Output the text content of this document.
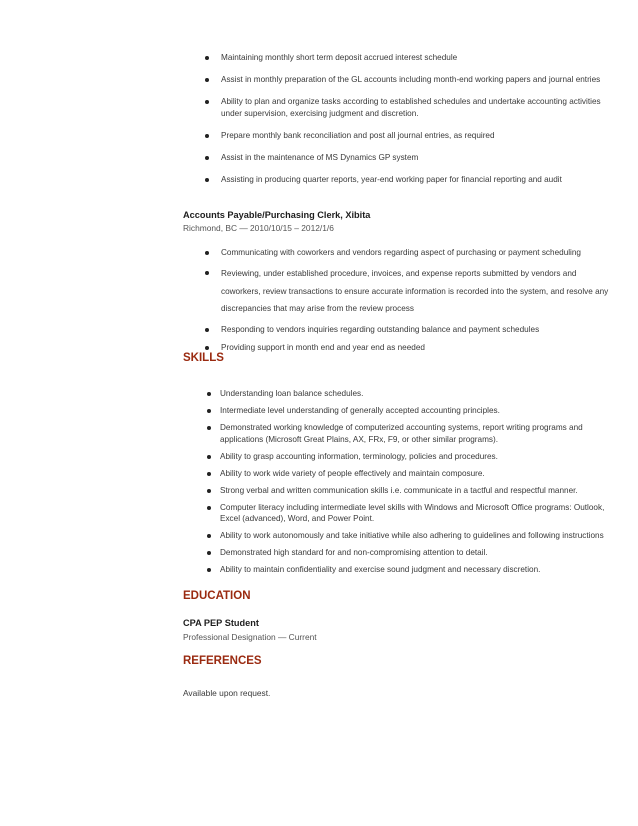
Maintaining monthly short term deposit accrued interest schedule
Assist in monthly preparation of the GL accounts including month-end working papers and journal entries
Ability to plan and organize tasks according to established schedules and undertake accounting activities under supervision, exercising judgment and discretion.
Prepare monthly bank reconciliation and post all journal entries, as required
Assist in the maintenance of MS Dynamics GP system
Assisting in producing quarter reports, year-end working paper for financial reporting and audit
Accounts Payable/Purchasing Clerk, Xibita
Richmond, BC — 2010/10/15 – 2012/1/6
Communicating with coworkers and vendors regarding aspect of purchasing or payment scheduling
Reviewing, under established procedure, invoices, and expense reports submitted by vendors and coworkers, review transactions to ensure accurate information is recorded into the system, and resolve any discrepancies that may arise from the review process
Responding to vendors inquiries regarding outstanding balance and payment schedules
Providing support in month end and year end as needed
SKILLS
Understanding loan balance schedules.
Intermediate level understanding of generally accepted accounting principles.
Demonstrated working knowledge of computerized accounting systems, report writing programs and applications (Microsoft Great Plains, AX, FRx, F9, or other similar programs).
Ability to grasp accounting information, terminology, policies and procedures.
Ability to work wide variety of people effectively and maintain composure.
Strong verbal and written communication skills i.e. communicate in a tactful and respectful manner.
Computer literacy including intermediate level skills with Windows and Microsoft Office programs: Outlook, Excel (advanced), Word, and Power Point.
Ability to work autonomously and take initiative while also adhering to guidelines and following instructions
Demonstrated high standard for and non-compromising attention to detail.
Ability to maintain confidentiality and exercise sound judgment and necessary discretion.
EDUCATION
CPA PEP Student
Professional Designation — Current
REFERENCES
Available upon request.
